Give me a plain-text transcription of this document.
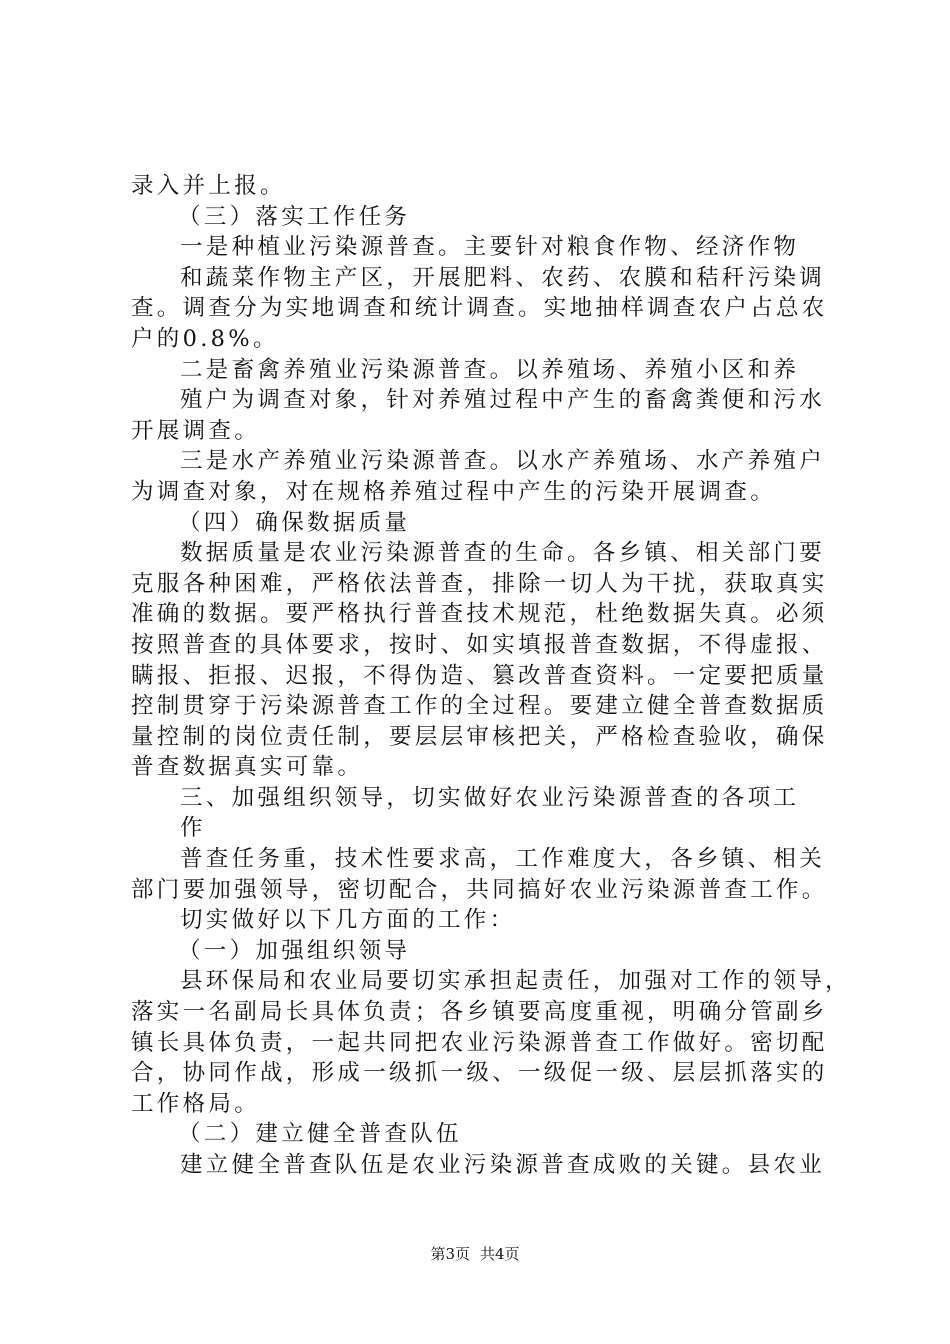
录入并上报。
（三）落实工作任务
一是种植业污染源普查。主要针对粮食作物、经济作物
和蔬菜作物主产区，开展肥料、农药、农膜和秸秆污染调
查。调查分为实地调查和统计调查。实地抽样调查农户占总农
户的0.8%。
二是畜禽养殖业污染源普查。以养殖场、养殖小区和养
殖户为调查对象，针对养殖过程中产生的畜禽粪便和污水
开展调查。
三是水产养殖业污染源普查。以水产养殖场、水产养殖户
为调查对象，对在规格养殖过程中产生的污染开展调查。
（四）确保数据质量
数据质量是农业污染源普查的生命。各乡镇、相关部门要
克服各种困难，严格依法普查，排除一切人为干扰，获取真实
准确的数据。要严格执行普查技术规范，杜绝数据失真。必须
按照普查的具体要求，按时、如实填报普查数据，不得虚报、
瞒报、拒报、迟报，不得伪造、篡改普查资料。一定要把质量
控制贯穿于污染源普查工作的全过程。要建立健全普查数据质
量控制的岗位责任制，要层层审核把关，严格检查验收，确保
普查数据真实可靠。
三、加强组织领导，切实做好农业污染源普查的各项工
作
普查任务重，技术性要求高，工作难度大，各乡镇、相关
部门要加强领导，密切配合，共同搞好农业污染源普查工作。
切实做好以下几方面的工作：
（一）加强组织领导
县环保局和农业局要切实承担起责任，加强对工作的领导，
落实一名副局长具体负责；各乡镇要高度重视，明确分管副乡
镇长具体负责，一起共同把农业污染源普查工作做好。密切配
合，协同作战，形成一级抓一级、一级促一级、层层抓落实的
工作格局。
（二）建立健全普查队伍
建立健全普查队伍是农业污染源普查成败的关键。县农业
第3页 共4页
